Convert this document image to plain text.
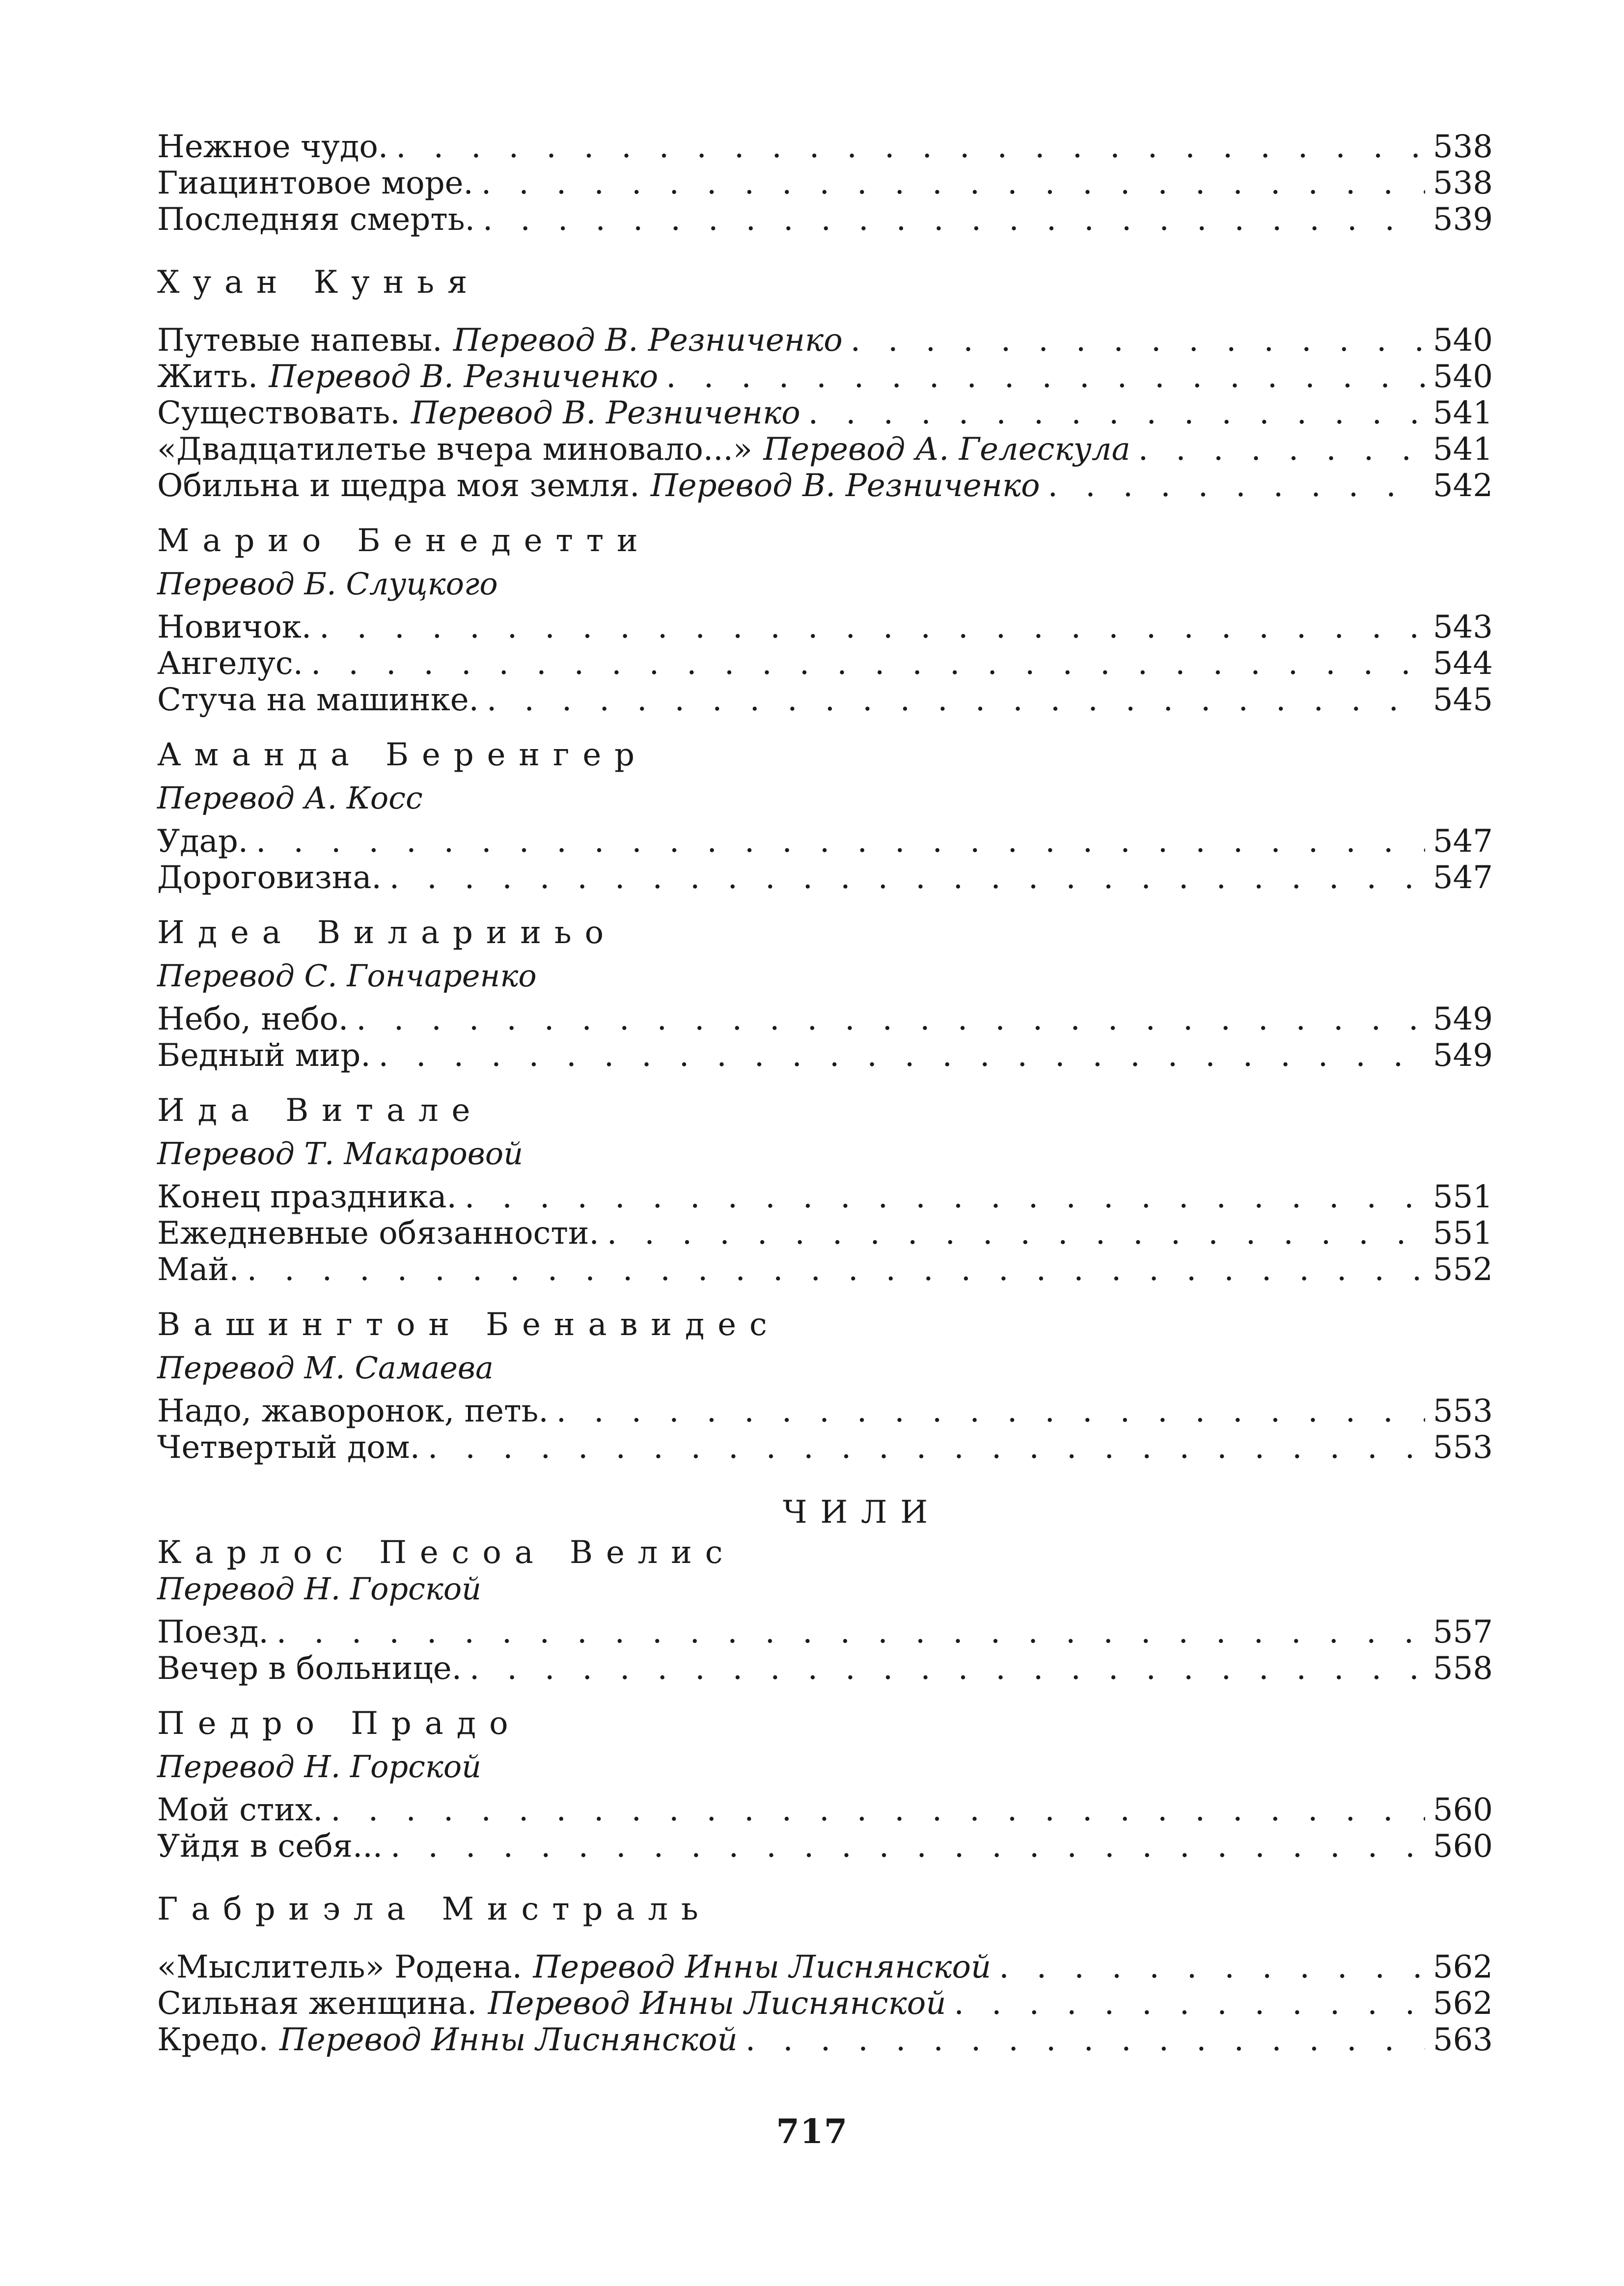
Нежное чудо. . . .	538
Гиацинтовое море. . . .	538
Последняя смерть. . . .	539
Хуан Кунья
Путевые напевы. Перевод В. Резниченко . . .	540
Жить. Перевод В. Резниченко . . .	540
Существовать. Перевод В. Резниченко . . .	541
«Двадцатилетье вчера миновало...» Перевод А. Гелескула . . .	541
Обильна и щедра моя земля. Перевод В. Резниченко . . .	542
Марио Бенедетти
Перевод Б. Слуцкого
Новичок. . . .	543
Ангелус. . . .	544
Стуча на машинке. . . .	545
Аманда Беренгер
Перевод А. Косс
Удар. . . .	547
Дороговизна. . . .	547
Идеа Виларииьо
Перевод С. Гончаренко
Небо, небо. . . .	549
Бедный мир. . . .	549
Ида Витале
Перевод Т. Макаровой
Конец праздника. . . .	551
Ежедневные обязанности. . . .	551
Май. . . .	552
Вашингтон Бенавидес
Перевод М. Самаева
Надо, жаворонок, петь. . . .	553
Четвертый дом. . . .	553
ЧИЛИ
Карлос Песоа Велис
Перевод Н. Горской
Поезд. . . .	557
Вечер в больнице. . . .	558
Педро Прадо
Перевод Н. Горской
Мой стих. . . .	560
Уйдя в себя... . . .	560
Габриэла Мистраль
«Мыслитель» Родена. Перевод Инны Лиснянской . . .	562
Сильная женщина. Перевод Инны Лиснянской . . .	562
Кредо. Перевод Инны Лиснянской . . .	563
717
